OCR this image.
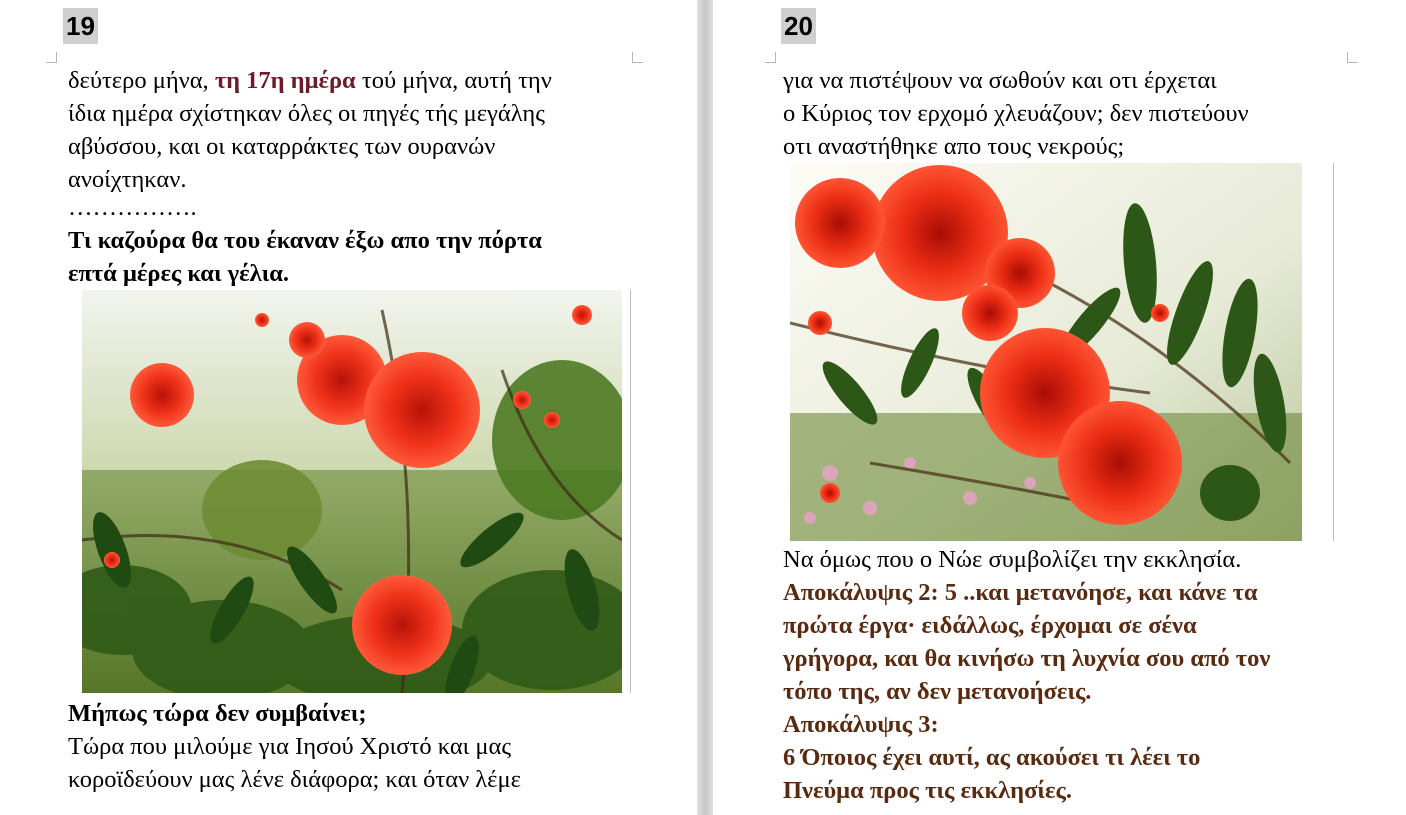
19
δεύτερο μήνα, τη 17η ημέρα τού μήνα, αυτή την
ίδια ημέρα σχίστηκαν όλες οι πηγές τής μεγάλης
αβύσσου, και οι καταρράκτες των ουρανών
ανοίχτηκαν.
…………….
Τι καζούρα θα του έκαναν έξω απο την πόρτα
επτά μέρες και γέλια.
Μήπως τώρα δεν συμβαίνει;
Τώρα που μιλούμε για Ιησού Χριστό και μας
κοροϊδεύουν μας λένε διάφορα; και όταν λέμε
20
για να πιστέψουν να σωθούν και οτι έρχεται
ο Κύριος τον ερχομό χλευάζουν; δεν πιστεύουν
οτι αναστήθηκε απο τους νεκρούς;
Να όμως που ο Νώε συμβολίζει την εκκλησία.
Αποκάλυψις 2: 5 ..και μετανόησε, και κάνε τα
πρώτα έργα· ειδάλλως, έρχομαι σε σένα
γρήγορα, και θα κινήσω τη λυχνία σου από τον
τόπο της, αν δεν μετανοήσεις.
Αποκάλυψις 3:
6 Όποιος έχει αυτί, ας ακούσει τι λέει το
Πνεύμα προς τις εκκλησίες.
